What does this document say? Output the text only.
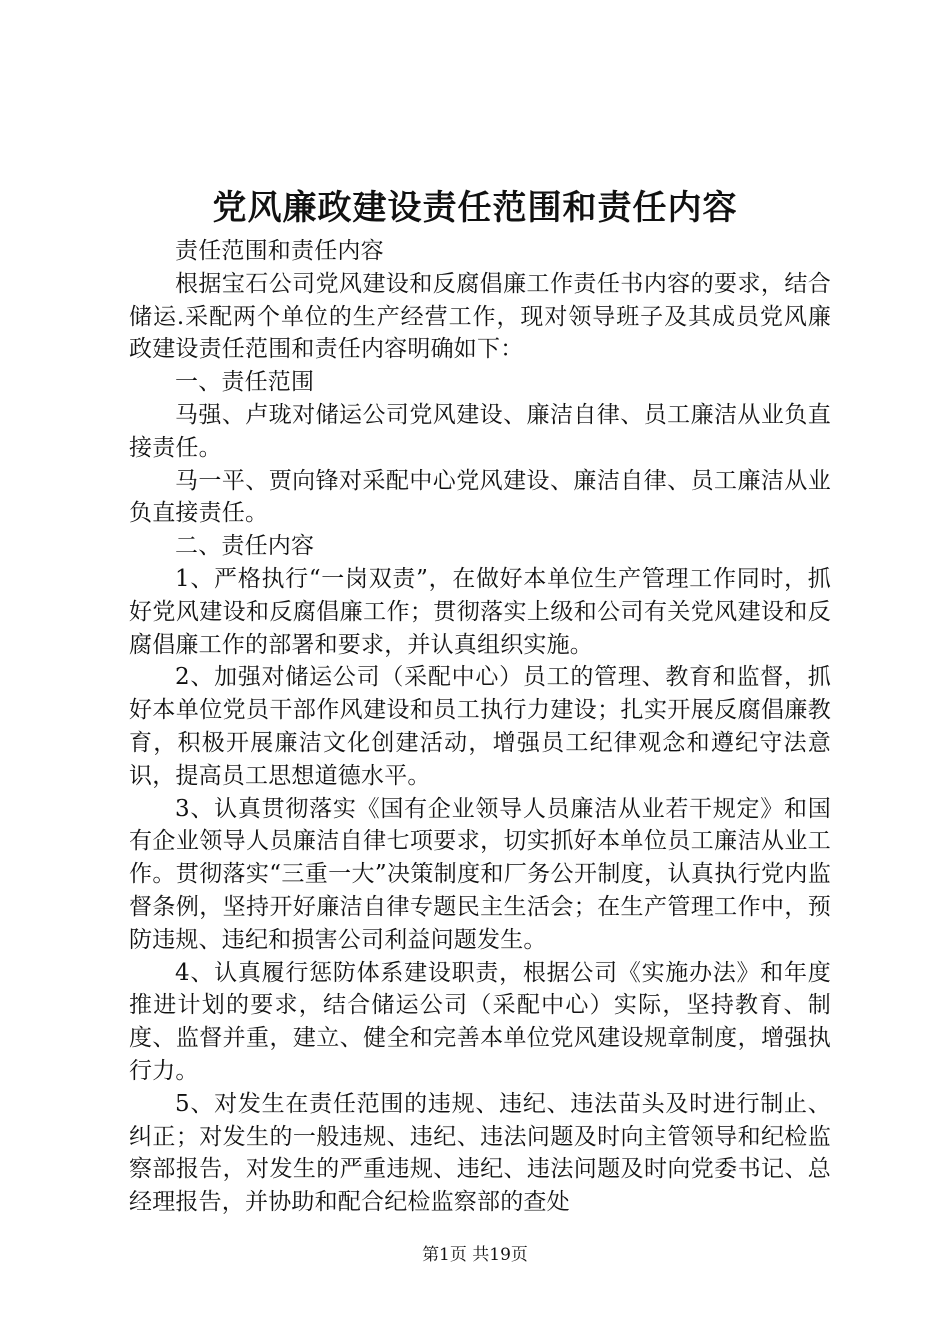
党风廉政建设责任范围和责任内容

责任范围和责任内容

根据宝石公司党风建设和反腐倡廉工作责任书内容的要求，结合储运.采配两个单位的生产经营工作，现对领导班子及其成员党风廉政建设责任范围和责任内容明确如下：

一、责任范围

马强、卢珑对储运公司党风建设、廉洁自律、员工廉洁从业负直接责任。

马一平、贾向锋对采配中心党风建设、廉洁自律、员工廉洁从业负直接责任。

二、责任内容

1、严格执行“一岗双责”，在做好本单位生产管理工作同时，抓好党风建设和反腐倡廉工作；贯彻落实上级和公司有关党风建设和反腐倡廉工作的部署和要求，并认真组织实施。

2、加强对储运公司（采配中心）员工的管理、教育和监督，抓好本单位党员干部作风建设和员工执行力建设；扎实开展反腐倡廉教育，积极开展廉洁文化创建活动，增强员工纪律观念和遵纪守法意识，提高员工思想道德水平。

3、认真贯彻落实《国有企业领导人员廉洁从业若干规定》和国有企业领导人员廉洁自律七项要求，切实抓好本单位员工廉洁从业工作。贯彻落实“三重一大”决策制度和厂务公开制度，认真执行党内监督条例，坚持开好廉洁自律专题民主生活会；在生产管理工作中，预防违规、违纪和损害公司利益问题发生。

4、认真履行惩防体系建设职责，根据公司《实施办法》和年度推进计划的要求，结合储运公司（采配中心）实际，坚持教育、制度、监督并重，建立、健全和完善本单位党风建设规章制度，增强执行力。

5、对发生在责任范围的违规、违纪、违法苗头及时进行制止、纠正；对发生的一般违规、违纪、违法问题及时向主管领导和纪检监察部报告，对发生的严重违规、违纪、违法问题及时向党委书记、总经理报告，并协助和配合纪检监察部的查处

第1页 共19页
